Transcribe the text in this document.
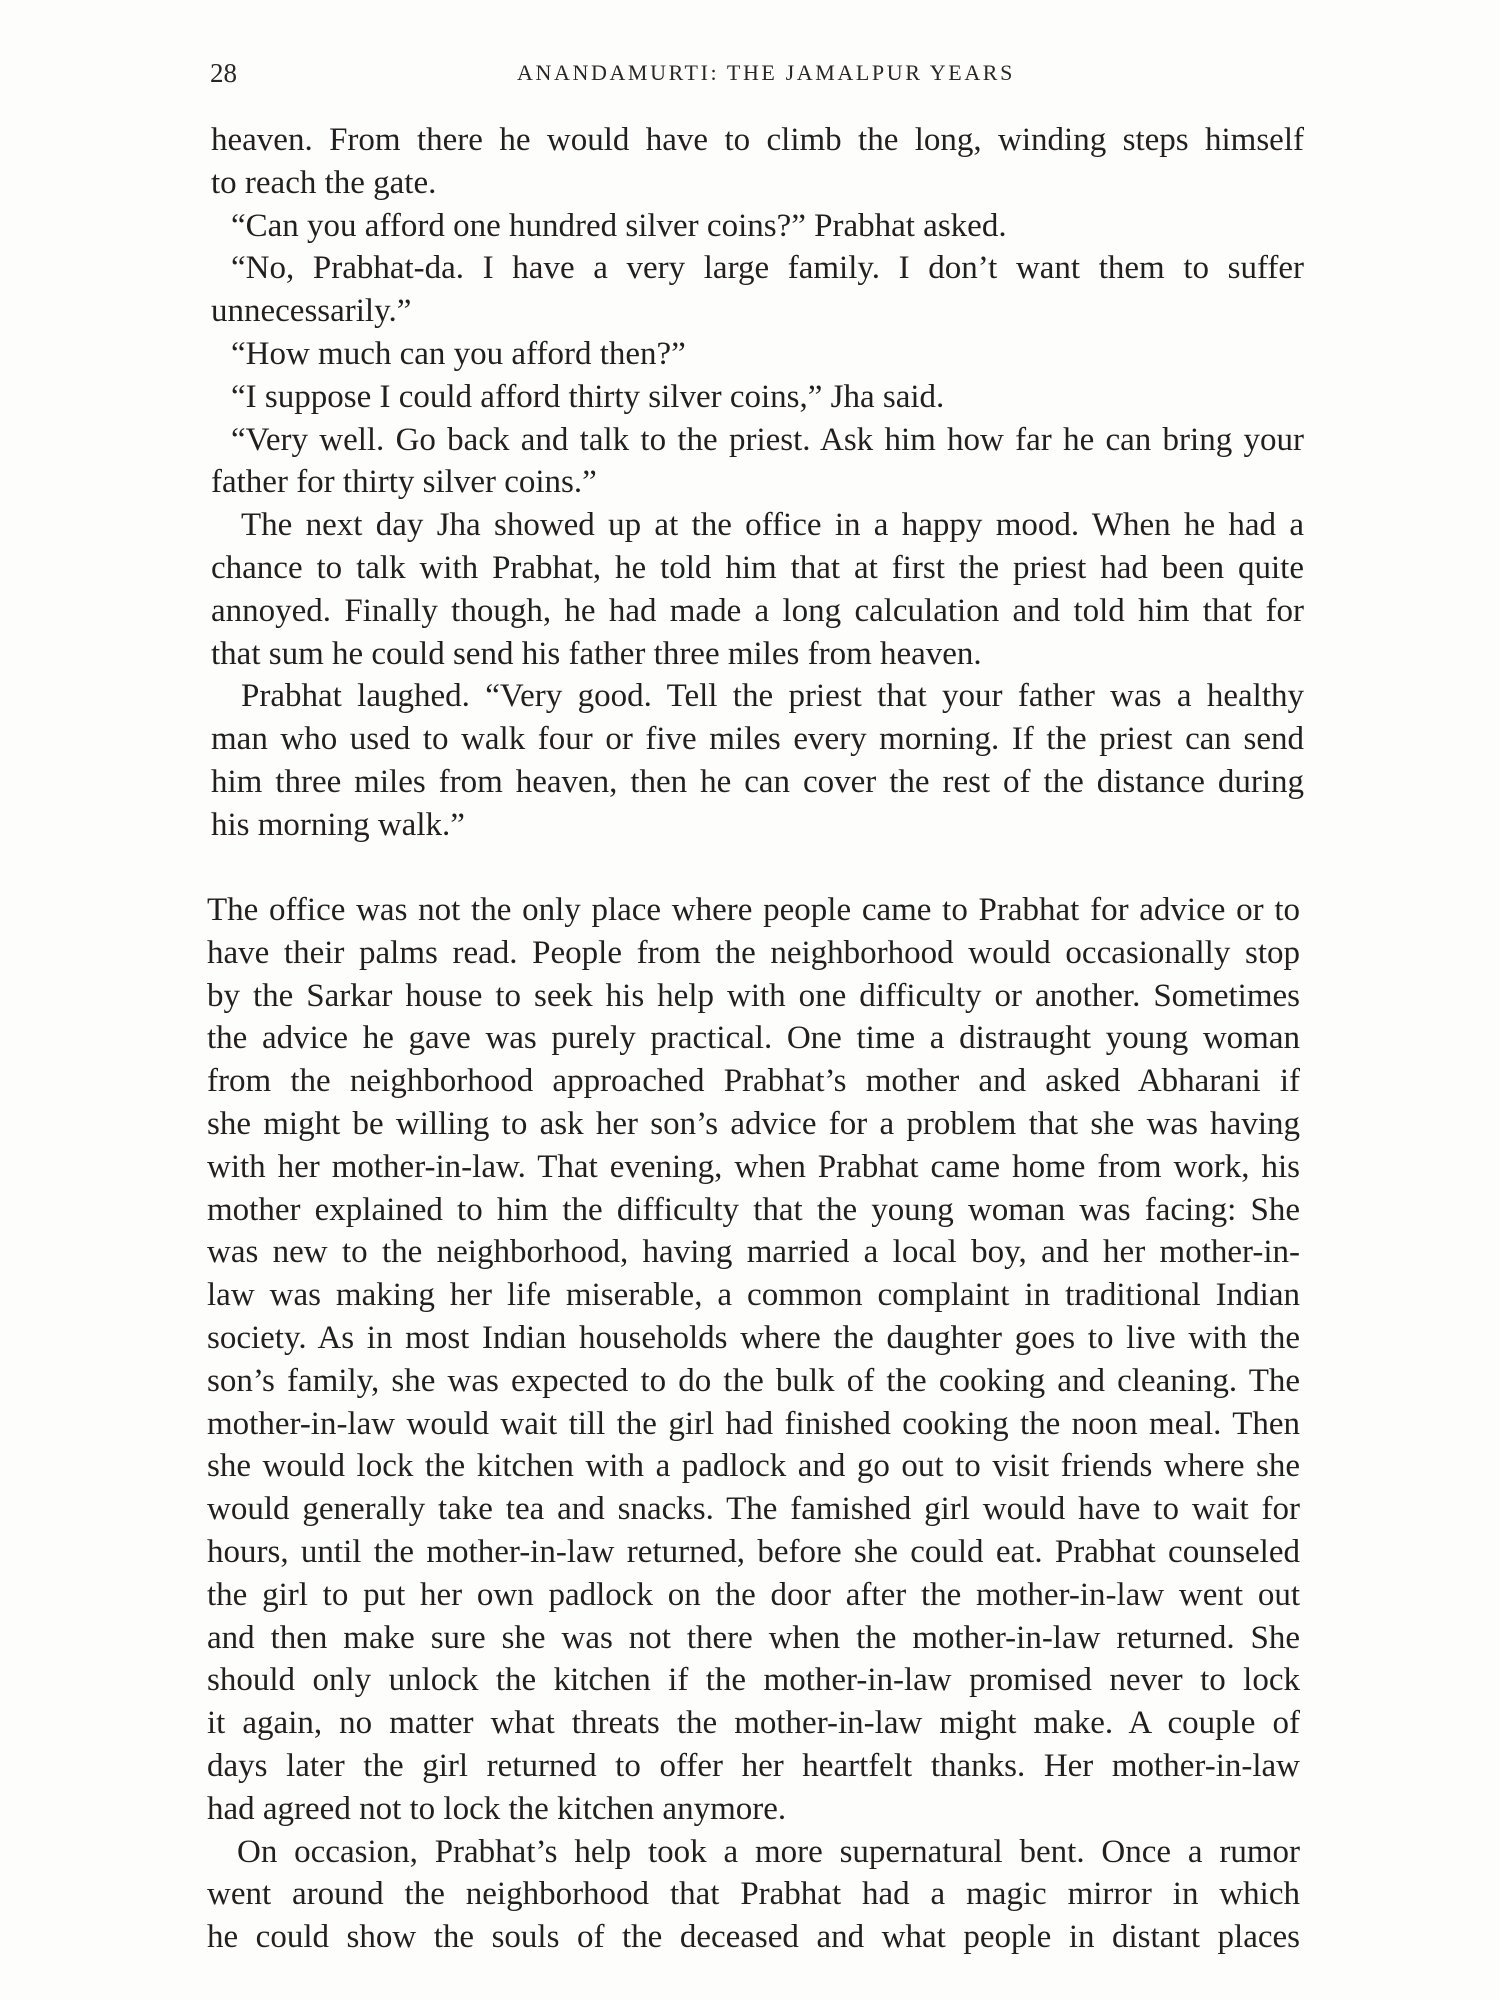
28	ANANDAMURTI: THE JAMALPUR YEARS
heaven. From there he would have to climb the long, winding steps himself
to reach the gate.
“Can you afford one hundred silver coins?” Prabhat asked.
“No, Prabhat-da. I have a very large family. I don’t want them to suffer
unnecessarily.”
“How much can you afford then?”
“I suppose I could afford thirty silver coins,” Jha said.
“Very well. Go back and talk to the priest. Ask him how far he can bring your
father for thirty silver coins.”
The next day Jha showed up at the office in a happy mood. When he had a
chance to talk with Prabhat, he told him that at first the priest had been quite
annoyed. Finally though, he had made a long calculation and told him that for
that sum he could send his father three miles from heaven.
Prabhat laughed. “Very good. Tell the priest that your father was a healthy
man who used to walk four or five miles every morning. If the priest can send
him three miles from heaven, then he can cover the rest of the distance during
his morning walk.”
The office was not the only place where people came to Prabhat for advice or to
have their palms read. People from the neighborhood would occasionally stop
by the Sarkar house to seek his help with one difficulty or another. Sometimes
the advice he gave was purely practical. One time a distraught young woman
from the neighborhood approached Prabhat’s mother and asked Abharani if
she might be willing to ask her son’s advice for a problem that she was having
with her mother-in-law. That evening, when Prabhat came home from work, his
mother explained to him the difficulty that the young woman was facing: She
was new to the neighborhood, having married a local boy, and her mother-in-
law was making her life miserable, a common complaint in traditional Indian
society. As in most Indian households where the daughter goes to live with the
son’s family, she was expected to do the bulk of the cooking and cleaning. The
mother-in-law would wait till the girl had finished cooking the noon meal. Then
she would lock the kitchen with a padlock and go out to visit friends where she
would generally take tea and snacks. The famished girl would have to wait for
hours, until the mother-in-law returned, before she could eat. Prabhat counseled
the girl to put her own padlock on the door after the mother-in-law went out
and then make sure she was not there when the mother-in-law returned. She
should only unlock the kitchen if the mother-in-law promised never to lock
it again, no matter what threats the mother-in-law might make. A couple of
days later the girl returned to offer her heartfelt thanks. Her mother-in-law
had agreed not to lock the kitchen anymore.
On occasion, Prabhat’s help took a more supernatural bent. Once a rumor
went around the neighborhood that Prabhat had a magic mirror in which
he could show the souls of the deceased and what people in distant places
